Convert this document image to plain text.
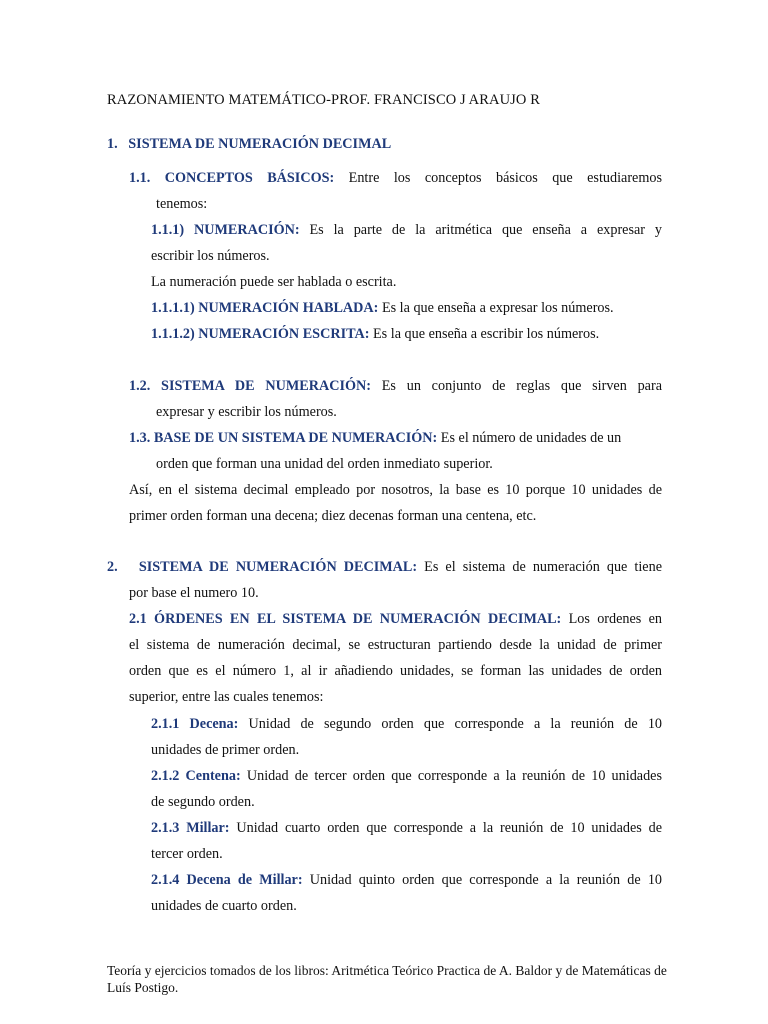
RAZONAMIENTO MATEMÁTICO-PROF. FRANCISCO J ARAUJO R
1. SISTEMA DE NUMERACIÓN DECIMAL
1.1. CONCEPTOS BÁSICOS: Entre los conceptos básicos que estudiaremos
tenemos:
1.1.1) NUMERACIÓN: Es la parte de la aritmética que enseña a expresar y
escribir los números.
La numeración puede ser hablada o escrita.
1.1.1.1) NUMERACIÓN HABLADA: Es la que enseña a expresar los números.
1.1.1.2) NUMERACIÓN ESCRITA: Es la que enseña a escribir los números.
1.2. SISTEMA DE NUMERACIÓN: Es un conjunto de reglas que sirven para
expresar y escribir los números.
1.3. BASE DE UN SISTEMA DE NUMERACIÓN: Es el número de unidades de un
orden que forman una unidad del orden inmediato superior.
Así, en el sistema decimal empleado por nosotros, la base es 10 porque 10 unidades de
primer orden forman una decena; diez decenas forman una centena, etc.
2. SISTEMA DE NUMERACIÓN DECIMAL: Es el sistema de numeración que tiene
por base el numero 10.
2.1 ÓRDENES EN EL SISTEMA DE NUMERACIÓN DECIMAL: Los ordenes en
el sistema de numeración decimal, se estructuran partiendo desde la unidad de primer
orden que es el número 1, al ir añadiendo unidades, se forman las unidades de orden
superior, entre las cuales tenemos:
2.1.1 Decena: Unidad de segundo orden que corresponde a la reunión de 10
unidades de primer orden.
2.1.2 Centena: Unidad de tercer orden que corresponde a la reunión de 10 unidades
de segundo orden.
2.1.3 Millar: Unidad cuarto orden que corresponde a la reunión de 10 unidades de
tercer orden.
2.1.4 Decena de Millar: Unidad quinto orden que corresponde a la reunión de 10
unidades de cuarto orden.
Teoría y ejercicios tomados de los libros: Aritmética Teórico Practica de A. Baldor y de Matemáticas de Luís Postigo.
